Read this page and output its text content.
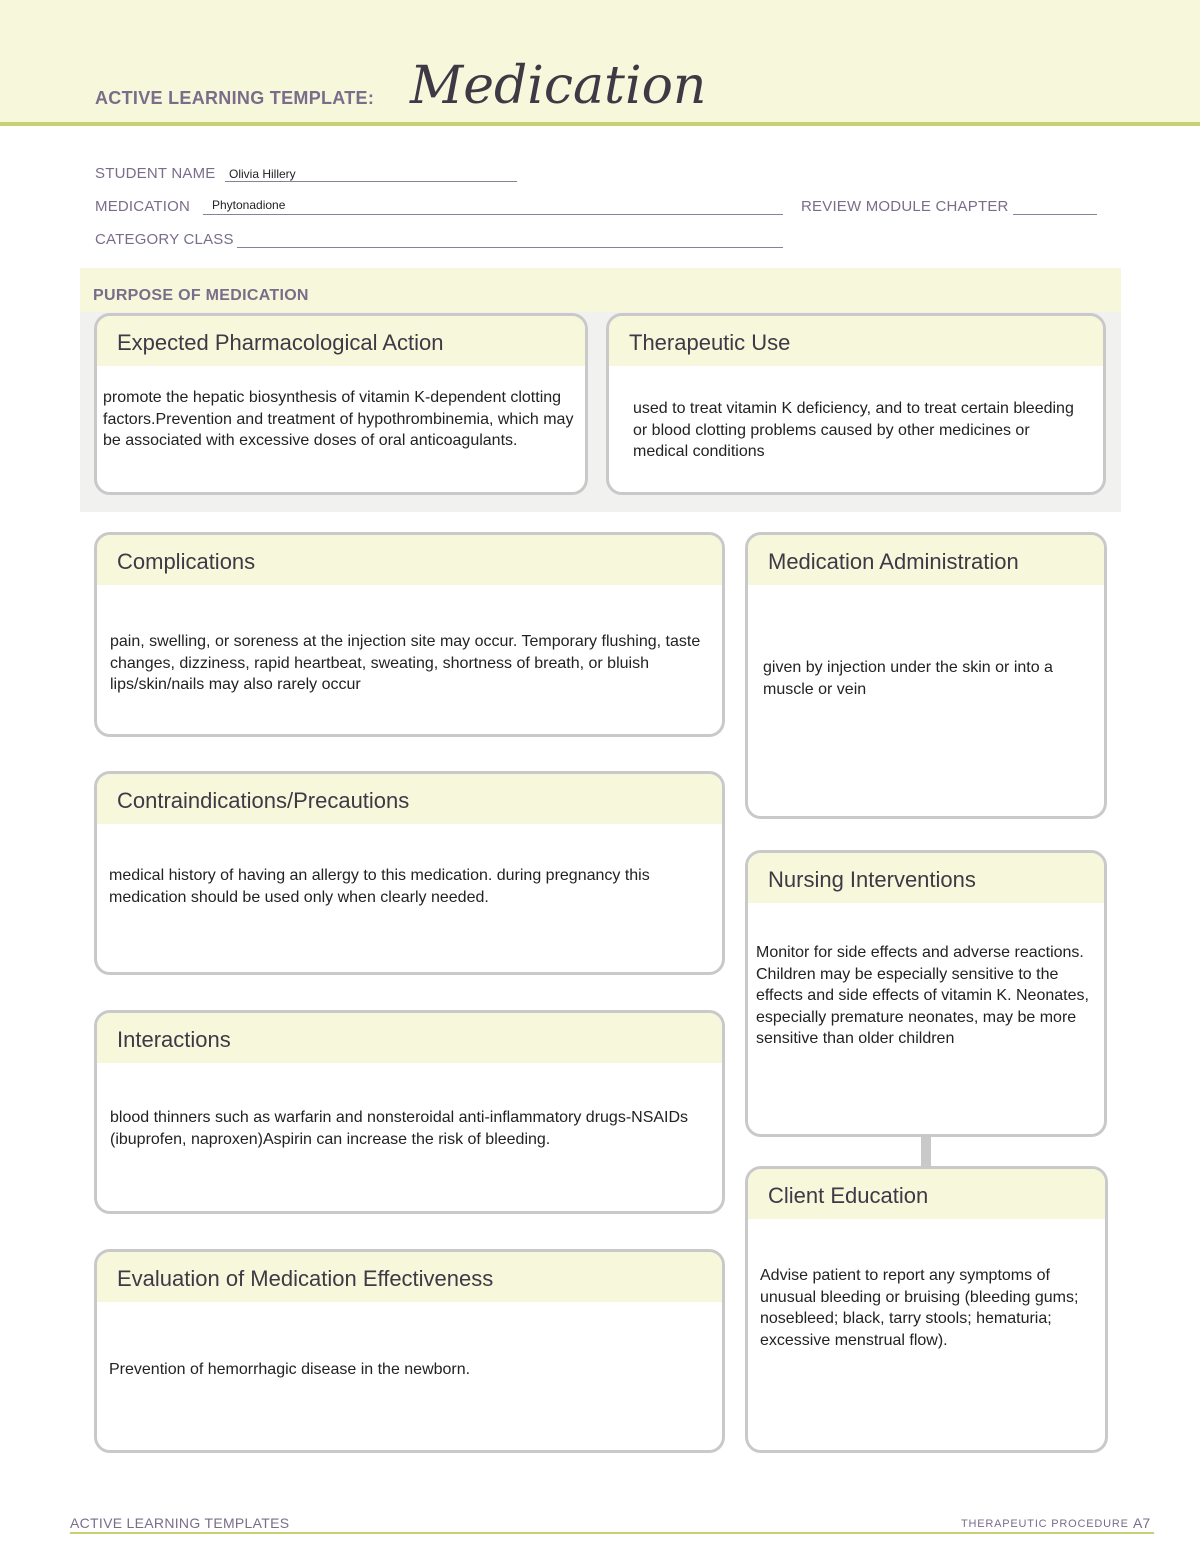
ACTIVE LEARNING TEMPLATE: Medication
STUDENT NAME Olivia Hillery
MEDICATION Phytonadione	REVIEW MODULE CHAPTER
CATEGORY CLASS
PURPOSE OF MEDICATION
Expected Pharmacological Action
promote the hepatic biosynthesis of vitamin K-dependent clotting factors.Prevention and treatment of hypothrombinemia, which may be associated with excessive doses of oral anticoagulants.
Therapeutic Use
used to treat vitamin K deficiency, and to treat certain bleeding or blood clotting problems caused by other medicines or medical conditions
Complications
pain, swelling, or soreness at the injection site may occur. Temporary flushing, taste changes, dizziness, rapid heartbeat, sweating, shortness of breath, or bluish lips/skin/nails may also rarely occur
Contraindications/Precautions
medical history of having an allergy to this medication. during pregnancy this medication should be used only when clearly needed.
Interactions
blood thinners such as warfarin and nonsteroidal anti-inflammatory drugs-NSAIDs (ibuprofen, naproxen)Aspirin can increase the risk of bleeding.
Evaluation of Medication Effectiveness
Prevention of hemorrhagic disease in the newborn.
Medication Administration
given by injection under the skin or into a muscle or vein
Nursing Interventions
Monitor for side effects and adverse reactions. Children may be especially sensitive to the effects and side effects of vitamin K. Neonates, especially premature neonates, may be more sensitive than older children
Client Education
Advise patient to report any symptoms of unusual bleeding or bruising (bleeding gums; nosebleed; black, tarry stools; hematuria; excessive menstrual flow).
ACTIVE LEARNING TEMPLATES	THERAPEUTIC PROCEDURE A7
